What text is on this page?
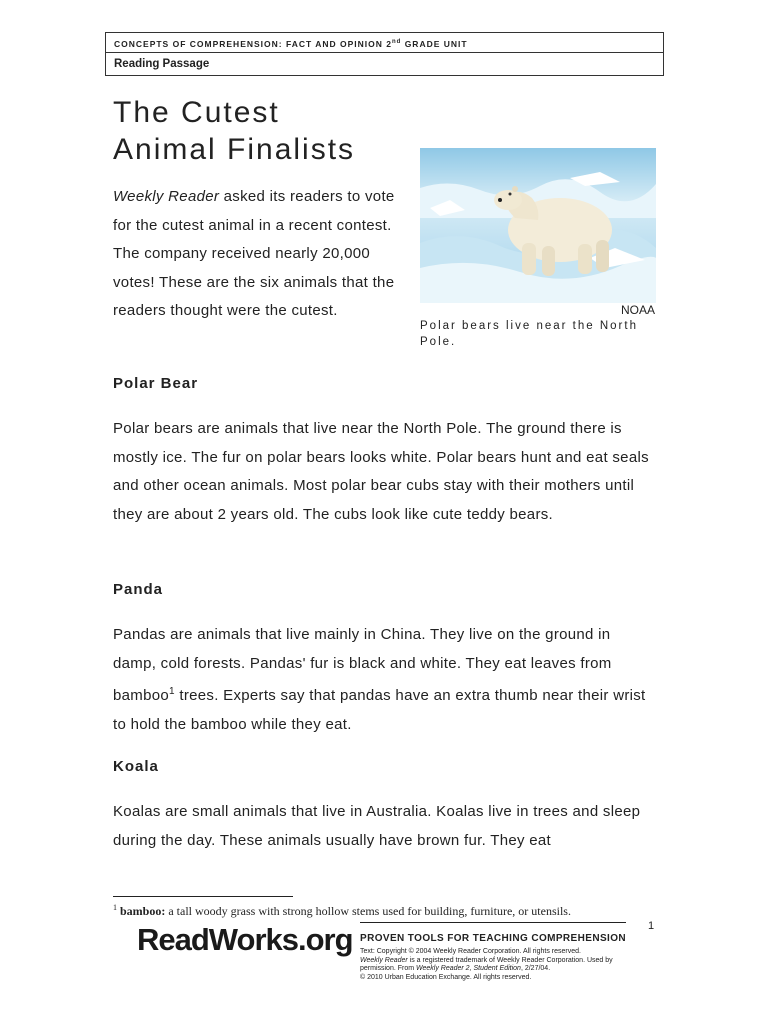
CONCEPTS OF COMPREHENSION: FACT AND OPINION 2nd GRADE UNIT
Reading Passage
The Cutest
Animal Finalists

Weekly Reader asked its readers to vote for the cutest animal in a recent contest. The company received nearly 20,000 votes! These are the six animals that the readers thought were the cutest.	NOAA
Polar bears live near the North Pole.
Polar Bear

Polar bears are animals that live near the North Pole. The ground there is mostly ice. The fur on polar bears looks white. Polar bears hunt and eat seals and other ocean animals. Most polar bear cubs stay with their mothers until they are about 2 years old. The cubs look like cute teddy bears.

Panda

Pandas are animals that live mainly in China. They live on the ground in damp, cold forests. Pandas' fur is black and white. They eat leaves from bamboo$^1$ trees. Experts say that pandas have an extra thumb near their wrist to hold the bamboo while they eat.

Koala

Koalas are small animals that live in Australia. Koalas live in trees and sleep during the day. These animals usually have brown fur. They eat

$^1$ bamboo: a tall woody grass with strong hollow stems used for building, furniture, or utensils.
1
ReadWorks.org PROVEN TOOLS FOR TEACHING COMPREHENSION
Text: Copyright © 2004 Weekly Reader Corporation. All rights reserved.
Weekly Reader is a registered trademark of Weekly Reader Corporation. Used by permission. From Weekly Reader 2, Student Edition, 2/27/04.
© 2010 Urban Education Exchange. All rights reserved.
